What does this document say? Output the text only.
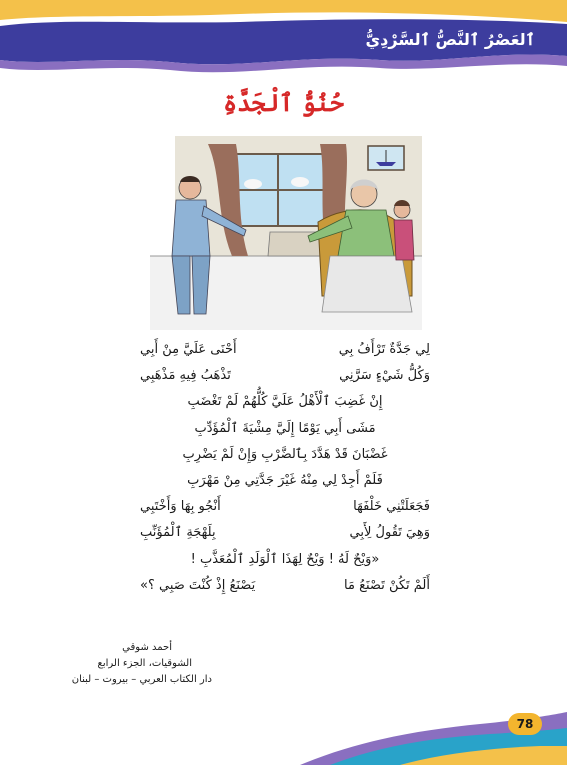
ٱلعَصْرُ ٱلنَّصُّ ٱلسَّرْدِيُّ
حُنُوُّ ٱلْجَدَّةِ
لِي جَدَّةٌ تَرْأَفُ بِي
أَحْنَى عَلَيَّ مِنْ أَبِي
وَكُلُّ شَيْءٍ سَرَّنِي
تَذْهَبُ فِيهِ مَذْهَبِي
إِنْ غَضِبَ ٱلْأَهْلُ عَلَيَّ كُلُّهُمْ لَمْ تَغْضَبِ
مَشَى أَبِي يَوْمًا إِلَيَّ مِشْيَةَ ٱلْمُؤَدِّبِ
غَضْبَانَ قَدْ هَدَّدَ بِٱلضَّرْبِ وَإِنْ لَمْ يَضْرِبِ
فَلَمْ أَجِدْ لِي مِنْهُ غَيْرَ جَدَّتِي مِنْ مَهْرَبِ
فَجَعَلَتْنِي خَلْفَهَا
أَنْجُو بِهَا وَأَخْتَبِي
وَهِيَ تَقُولُ لِأَبِي
بِلَهْجَةِ ٱلْمُؤَنِّبِ
«وَيْحٌ لَهُ ! وَيْحٌ لِهَذَا ٱلْوَلَدِ ٱلْمُعَذَّبِ !
أَلَمْ تَكُنْ تَصْنَعُ مَا
يَصْنَعُ إِذْ كُنْتَ صَبِي ؟»
أحمد شوقي
الشوقيات، الجزء الرابع
دار الكتاب العربي – بيروت – لبنان
78
